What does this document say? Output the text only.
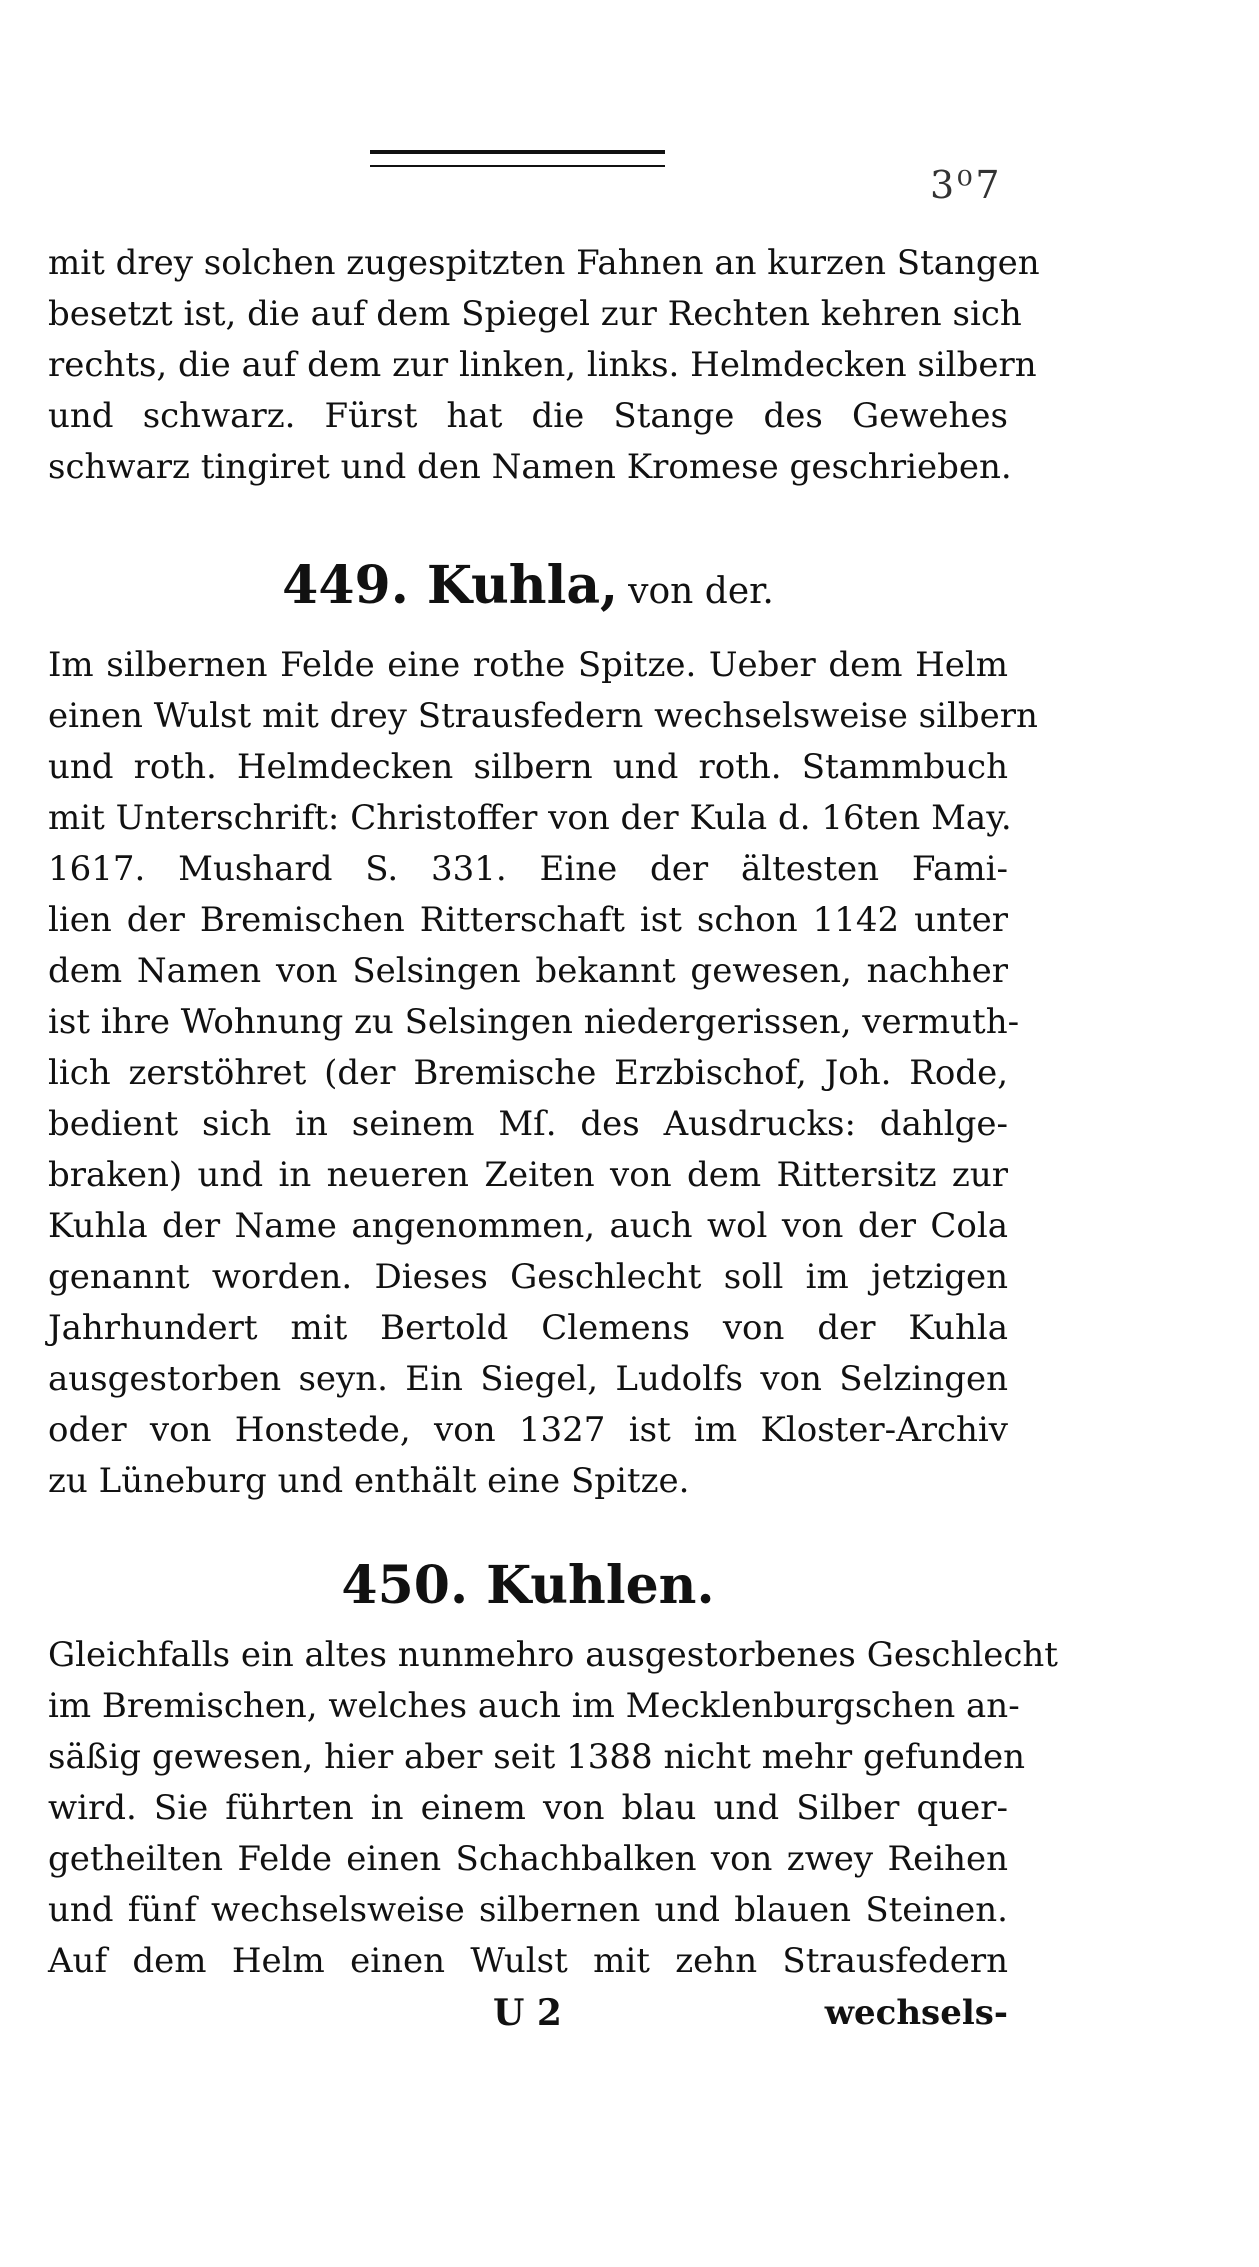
3⁰7
mit drey solchen zugespitzten Fahnen an kurzen Stangen
besetzt ist, die auf dem Spiegel zur Rechten kehren sich
rechts, die auf dem zur linken, links. Helmdecken silbern
und schwarz. Fürst hat die Stange des Gewehes
schwarz tingiret und den Namen Kromese geschrieben.
449. Kuhla, von der.
Im silbernen Felde eine rothe Spitze. Ueber dem Helm
einen Wulst mit drey Strausfedern wechselsweise silbern
und roth. Helmdecken silbern und roth. Stammbuch
mit Unterschrift: Christoffer von der Kula d. 16ten May.
1617. Mushard S. 331. Eine der ältesten Fami-
lien der Bremischen Ritterschaft ist schon 1142 unter
dem Namen von Selsingen bekannt gewesen, nachher
ist ihre Wohnung zu Selsingen niedergerissen, vermuth-
lich zerstöhret (der Bremische Erzbischof, Joh. Rode,
bedient sich in seinem Mſ. des Ausdrucks: dahlge-
braken) und in neueren Zeiten von dem Rittersitz zur
Kuhla der Name angenommen, auch wol von der Cola
genannt worden. Dieses Geschlecht soll im jetzigen
Jahrhundert mit Bertold Clemens von der Kuhla
ausgestorben seyn. Ein Siegel, Ludolfs von Selzingen
oder von Honstede, von 1327 ist im Kloster-Archiv
zu Lüneburg und enthält eine Spitze.
450. Kuhlen.
Gleichfalls ein altes nunmehro ausgestorbenes Geschlecht
im Bremischen, welches auch im Mecklenburgschen an-
säßig gewesen, hier aber seit 1388 nicht mehr gefunden
wird. Sie führten in einem von blau und Silber quer-
getheilten Felde einen Schachbalken von zwey Reihen
und fünf wechselsweise silbernen und blauen Steinen.
Auf dem Helm einen Wulst mit zehn Strausfedern
U 2	wechsels-
